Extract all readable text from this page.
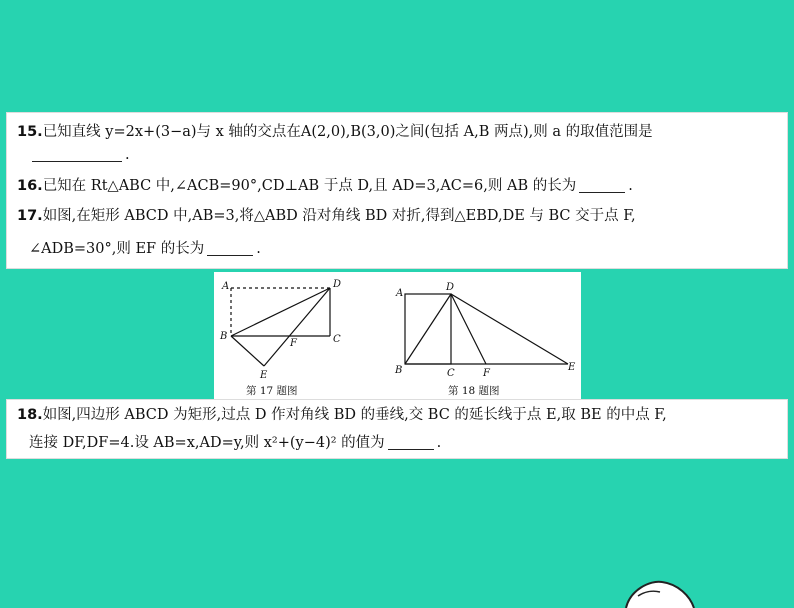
15.已知直线 y=2x+(3−a)与 x 轴的交点在A(2,0),B(3,0)之间(包括 A,B 两点),则 a 的取值范围是
.
16.已知在 Rt△ABC 中,∠ACB=90°,CD⊥AB 于点 D,且 AD=3,AC=6,则 AB 的长为	.
17.如图,在矩形 ABCD 中,AB=3,将△ABD 沿对角线 BD 对折,得到△EBD,DE 与 BC 交于点 F,
∠ADB=30°,则 EF 的长为	.
A	D
B	C
F
E
第 17 题图
A
D
B	C	F
E
第 18 题图
18.如图,四边形 ABCD 为矩形,过点 D 作对角线 BD 的垂线,交 BC 的延长线于点 E,取 BE 的中点 F,
连接 DF,DF=4.设 AB=x,AD=y,则 x²+(y−4)² 的值为	.
